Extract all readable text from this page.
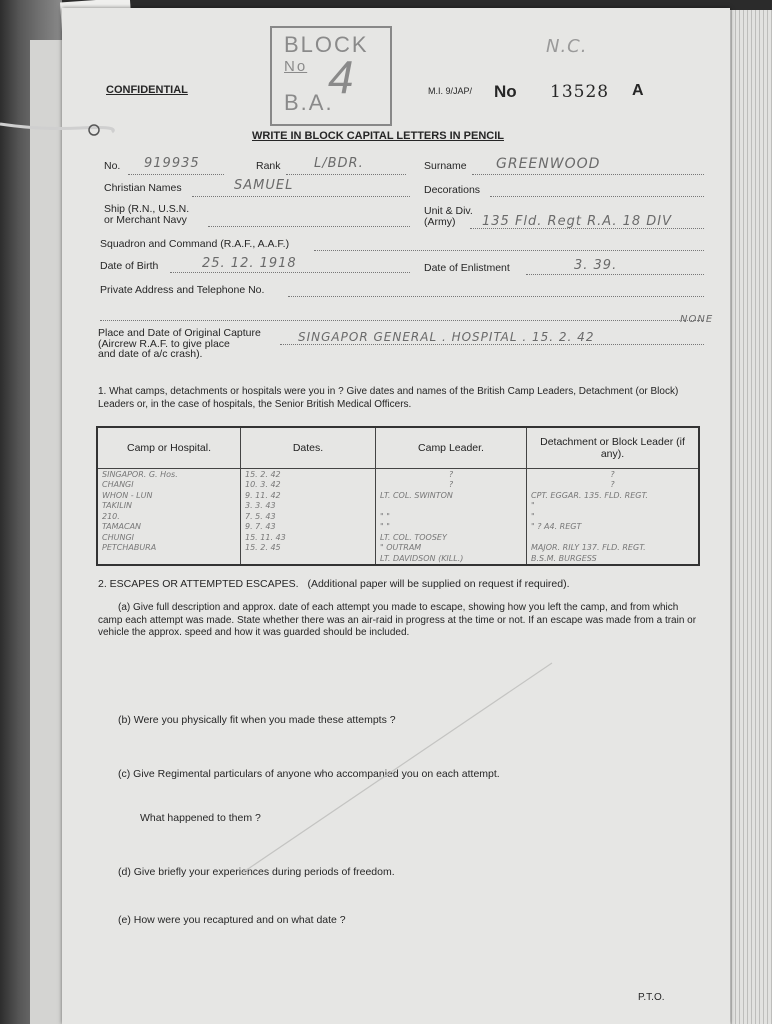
CONFIDENTIAL
BLOCK
No 4
B.A.	M.I. 9/JAP/ No 13528 A
N.C.
WRITE IN BLOCK CAPITAL LETTERS IN PENCIL
No. 919935	Rank	L/BDR.	Surname GREENWOOD
Christian Names	SAMUEL	Decorations
Ship (R.N., U.S.N.
or Merchant Navy
Unit & Div.
(Army)	135 Fld. Regt R.A. 18 DIV
Squadron and Command (R.A.F., A.A.F.)
Date of Birth	25. 12. 1918	Date of Enlistment	3. 39.
Private Address and Telephone No.
NONE
Place and Date of Original Capture
(Aircrew R.A.F. to give place
and date of a/c crash).
SINGAPOR GENERAL . HOSPITAL . 15. 2. 42
1. What camps, detachments or hospitals were you in ? Give dates and names of the British Camp Leaders, Detachment (or Block) Leaders or, in the case of hospitals, the Senior British Medical Officers.
Camp or Hospital.	Dates.	Camp Leader.	Detachment or Block Leader (if any).
SINGAPOR. G. Hos.	15. 2. 42	?	?
CHANGI	10. 3. 42	?	?
WHON - LUN	9. 11. 42	LT. COL. SWINTON	CPT. EGGAR. 135. FLD. REGT.
TAKILIN	3. 3. 43		"
210.	7. 5. 43	" "	"
TAMACAN	9. 7. 43	" "	" ? A4. REGT
CHUNGI	15. 11. 43	LT. COL. TOOSEY	
PETCHABURA	15. 2. 45	" OUTRAM	MAJOR. RILY 137. FLD. REGT.
		LT. DAVIDSON (KILL.)	B.S.M. BURGESS
2. ESCAPES OR ATTEMPTED ESCAPES. (Additional paper will be supplied on request if required).
(a) Give full description and approx. date of each attempt you made to escape, showing how you left the camp, and from which camp each attempt was made. State whether there was an air-raid in progress at the time or not. If an escape was made from a train or vehicle the approx. speed and how it was guarded should be included.
(b) Were you physically fit when you made these attempts ?
(c) Give Regimental particulars of anyone who accompanied you on each attempt.
What happened to them ?
(d) Give briefly your experiences during periods of freedom.
(e) How were you recaptured and on what date ?
P.T.O.
